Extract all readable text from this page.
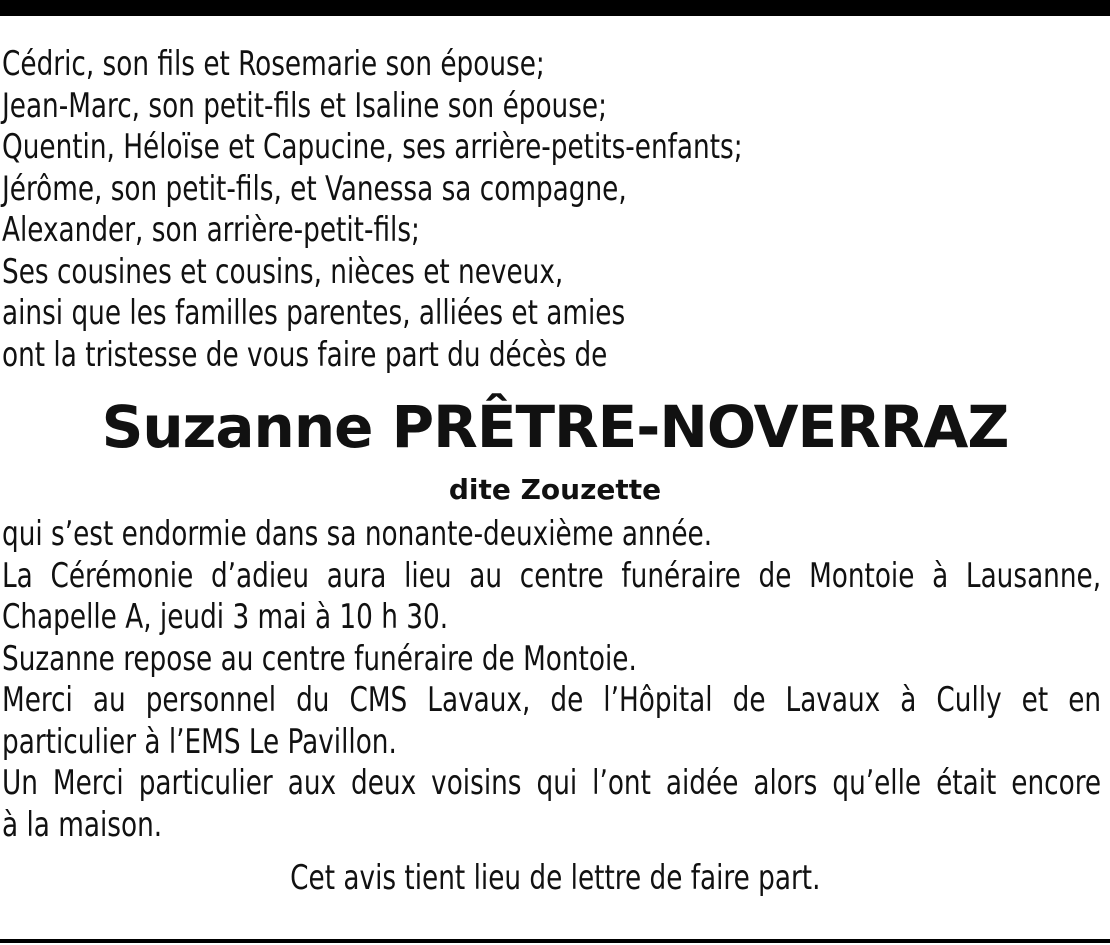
Cédric, son fils et Rosemarie son épouse;
Jean-Marc, son petit-fils et Isaline son épouse;
Quentin, Héloïse et Capucine, ses arrière-petits-enfants;
Jérôme, son petit-fils, et Vanessa sa compagne,
Alexander, son arrière-petit-fils;
Ses cousines et cousins, nièces et neveux,
ainsi que les familles parentes, alliées et amies
ont la tristesse de vous faire part du décès de
Suzanne PRÊTRE-NOVERRAZ
dite Zouzette
qui s’est endormie dans sa nonante-deuxième année.
La Cérémonie d’adieu aura lieu au centre funéraire de Montoie à Lausanne,
Chapelle A, jeudi 3 mai à 10 h 30.
Suzanne repose au centre funéraire de Montoie.
Merci au personnel du CMS Lavaux, de l’Hôpital de Lavaux à Cully et en
particulier à l’EMS Le Pavillon.
Un Merci particulier aux deux voisins qui l’ont aidée alors qu’elle était encore
à la maison.
Cet avis tient lieu de lettre de faire part.
